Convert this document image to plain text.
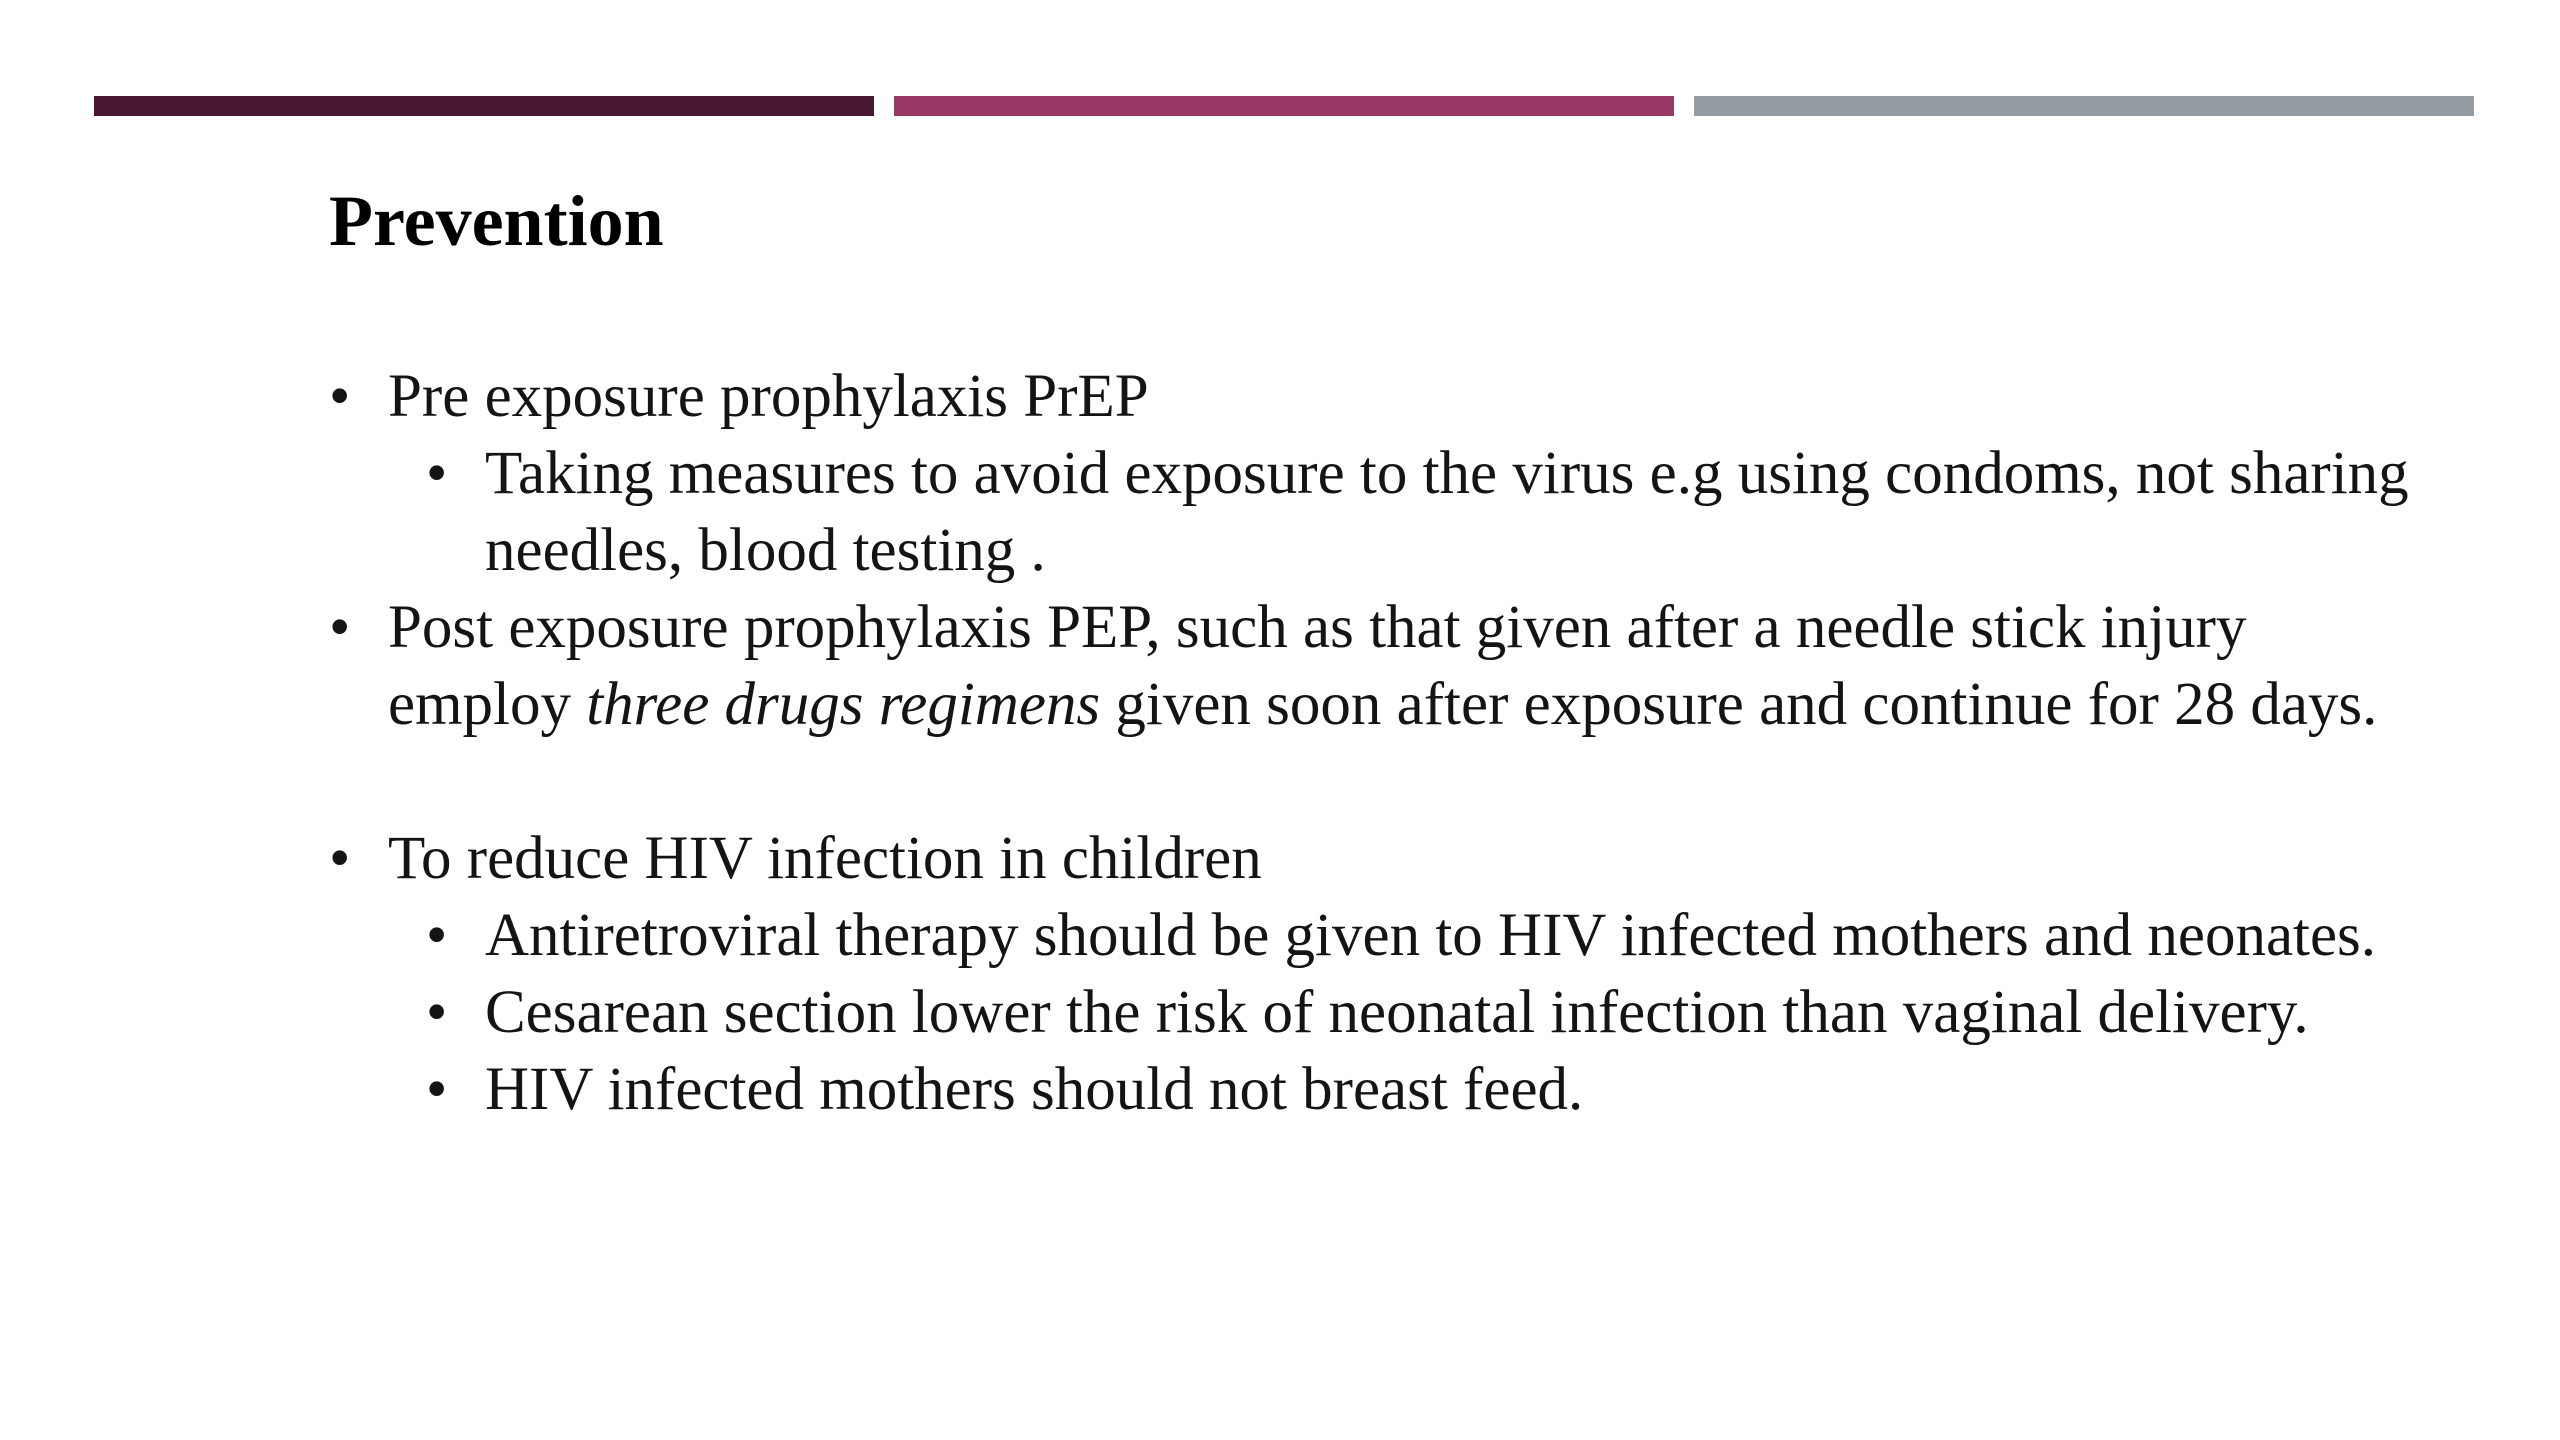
Prevention
• Pre exposure prophylaxis PrEP
• Taking measures to avoid exposure to the virus e.g using condoms, not sharing needles, blood testing .
• Post exposure prophylaxis PEP, such as that given after a needle stick injury employ three drugs regimens given soon after exposure and continue for 28 days.
• To reduce HIV infection in children
• Antiretroviral therapy should be given to HIV infected mothers and neonates.
• Cesarean section lower the risk of neonatal infection than vaginal delivery.
• HIV infected mothers should not breast feed.
